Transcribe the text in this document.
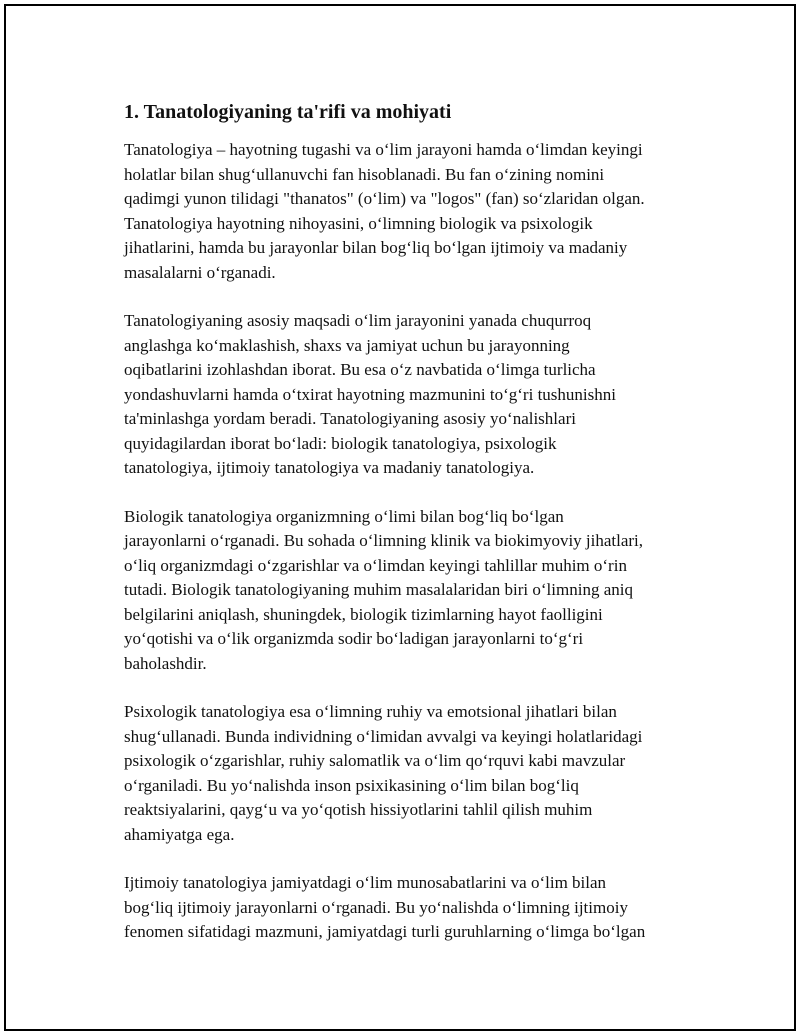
1. Tanatologiyaning ta'rifi va mohiyati
Tanatologiya – hayotning tugashi va o‘lim jarayoni hamda o‘limdan keyingi
holatlar bilan shug‘ullanuvchi fan hisoblanadi. Bu fan o‘zining nomini
qadimgi yunon tilidagi "thanatos" (o‘lim) va "logos" (fan) so‘zlaridan olgan.
Tanatologiya hayotning nihoyasini, o‘limning biologik va psixologik
jihatlarini, hamda bu jarayonlar bilan bog‘liq bo‘lgan ijtimoiy va madaniy
masalalarni o‘rganadi.
Tanatologiyaning asosiy maqsadi o‘lim jarayonini yanada chuqurroq
anglashga ko‘maklashish, shaxs va jamiyat uchun bu jarayonning
oqibatlarini izohlashdan iborat. Bu esa o‘z navbatida o‘limga turlicha
yondashuvlarni hamda o‘txirat hayotning mazmunini to‘g‘ri tushunishni
ta'minlashga yordam beradi. Tanatologiyaning asosiy yo‘nalishlari
quyidagilardan iborat bo‘ladi: biologik tanatologiya, psixologik
tanatologiya, ijtimoiy tanatologiya va madaniy tanatologiya.
Biologik tanatologiya organizmning o‘limi bilan bog‘liq bo‘lgan
jarayonlarni o‘rganadi. Bu sohada o‘limning klinik va biokimyoviy jihatlari,
o‘liq organizmdagi o‘zgarishlar va o‘limdan keyingi tahlillar muhim o‘rin
tutadi. Biologik tanatologiyaning muhim masalalaridan biri o‘limning aniq
belgilarini aniqlash, shuningdek, biologik tizimlarning hayot faolligini
yo‘qotishi va o‘lik organizmda sodir bo‘ladigan jarayonlarni to‘g‘ri
baholashdir.
Psixologik tanatologiya esa o‘limning ruhiy va emotsional jihatlari bilan
shug‘ullanadi. Bunda individning o‘limidan avvalgi va keyingi holatlaridagi
psixologik o‘zgarishlar, ruhiy salomatlik va o‘lim qo‘rquvi kabi mavzular
o‘rganiladi. Bu yo‘nalishda inson psixikasining o‘lim bilan bog‘liq
reaktsiyalarini, qayg‘u va yo‘qotish hissiyotlarini tahlil qilish muhim
ahamiyatga ega.
Ijtimoiy tanatologiya jamiyatdagi o‘lim munosabatlarini va o‘lim bilan
bog‘liq ijtimoiy jarayonlarni o‘rganadi. Bu yo‘nalishda o‘limning ijtimoiy
fenomen sifatidagi mazmuni, jamiyatdagi turli guruhlarning o‘limga bo‘lgan
